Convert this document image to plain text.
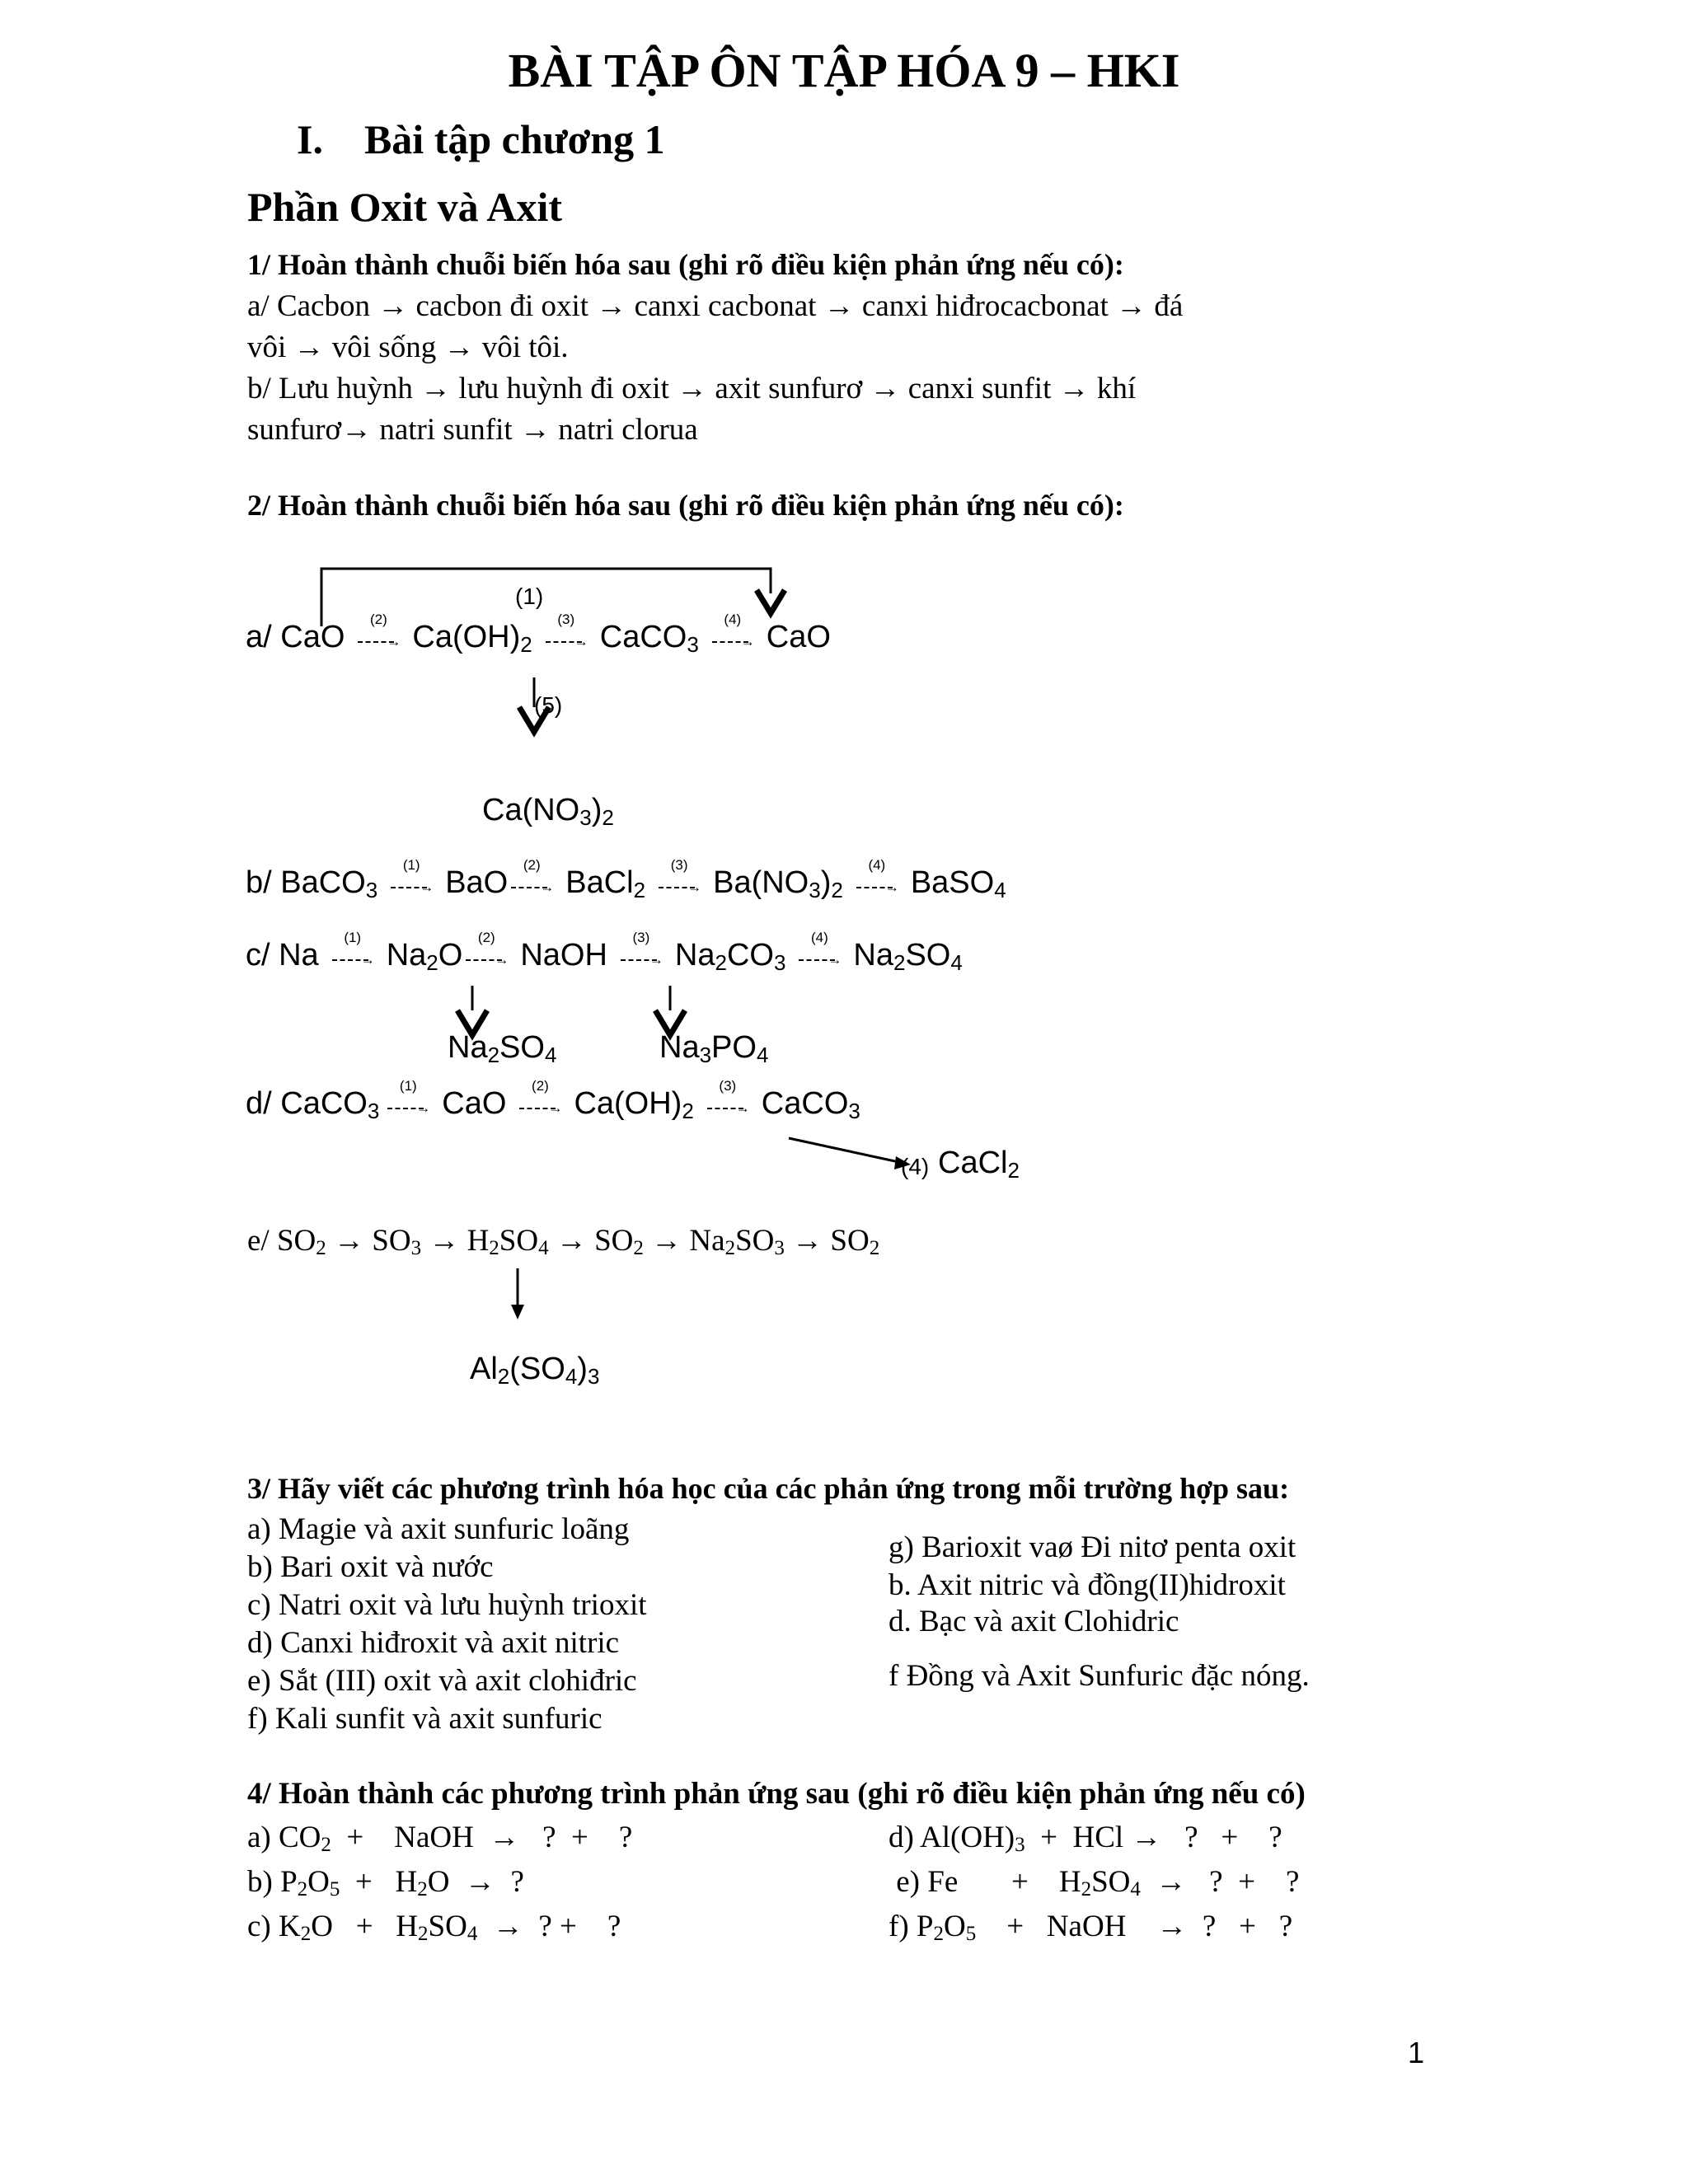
BÀI TẬP ÔN TẬP HÓA 9 – HKI
I.    Bài tập chương 1
Phần Oxit và Axit
1/ Hoàn thành chuỗi biến hóa sau (ghi rõ điều kiện phản ứng nếu có):
a/ Cacbon → cacbon đi oxit → canxi cacbonat → canxi hiđrocacbonat → đá
vôi → vôi sống → vôi tôi.
b/ Lưu huỳnh → lưu huỳnh đi oxit → axit sunfurơ → canxi sunfit → khí
sunfurơ→ natri sunfit → natri clorua
2/ Hoàn thành chuỗi biến hóa sau (ghi rõ điều kiện phản ứng nếu có):
(1)
a/ CaO
(2)
→ $Ca(OH)_2$
(3)
→ CaCO$_3$
(4)
→ CaO
(5)
$Ca(NO_3)_2$
b/ BaCO$_3$
(1)
→ BaO
(2)
→ BaCl$_2$
(3)
→ $Ba(NO_3)_2$
(4)
→ BaSO$_4$
c/ Na
(1)
→ $Na_2O$
(2)
→ NaOH
(3)
→ $Na_2CO_3$
(4)
→ $Na_2SO_4$
$Na_2SO_4$	$Na_3PO_4$
d/ CaCO$_3$
(1)
→ CaO
(2)
→ $Ca(OH)_2$
(3)
→ CaCO$_3$
(4) CaCl$_2$
e/ $SO_2 \to SO_3 \to H_2SO_4 \to SO_2 \to Na_2SO_3 \to SO_2$
$Al_2(SO_4)_3$
3/ Hãy viết các phương trình hóa học của các phản ứng trong mỗi trường hợp sau:
a) Magie và axit sunfuric loãng
b) Bari oxit và nước
c) Natri oxit và lưu huỳnh trioxit
d) Canxi hiđroxit và axit nitric
e) Sắt (III) oxit và axit clohiđric
f) Kali sunfit và axit sunfuric
g) Barioxit vaø Đi nitơ penta oxit
b. Axit nitric và đồng(II)hidroxit
d. Bạc và axit Clohidric
f Đồng và Axit Sunfuric đặc nóng.
4/ Hoàn thành các phương trình phản ứng sau (ghi rõ điều kiện phản ứng nếu có)
a) $CO_2$  +    NaOH  →   ?  +    ?
b) $P_2O_5 + H_2O$  →  ?
c) $K_2O + H_2SO_4$  →  ? +    ?
d) $Al(OH)_3$  +  HCl →   ?   +    ?
e) Fe       +    $H_2SO_4$  →   ?  +    ?
f) $P_2O_5$    +   NaOH    →  ?   +   ?
1
